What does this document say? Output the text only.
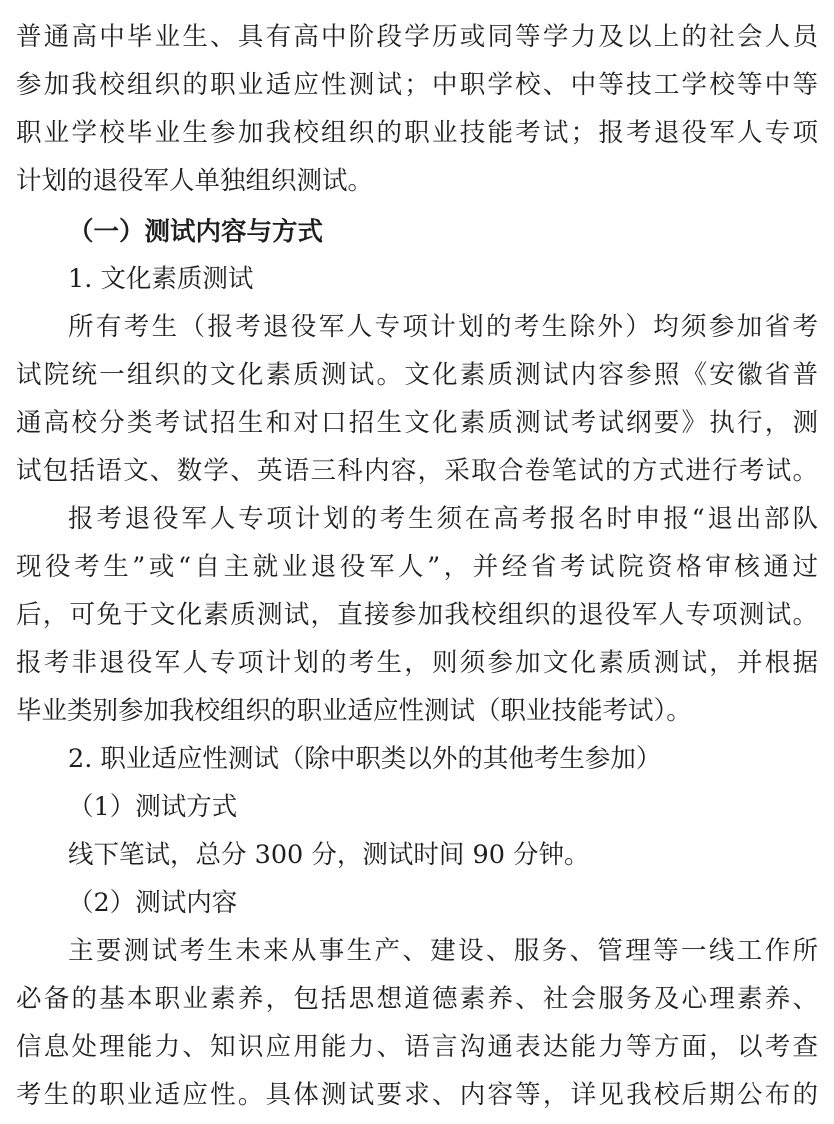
普通高中毕业生、具有高中阶段学历或同等学力及以上的社会人员
参加我校组织的职业适应性测试；中职学校、中等技工学校等中等
职业学校毕业生参加我校组织的职业技能考试；报考退役军人专项
计划的退役军人单独组织测试。
（一）测试内容与方式
1. 文化素质测试
所有考生（报考退役军人专项计划的考生除外）均须参加省考
试院统一组织的文化素质测试。文化素质测试内容参照《安徽省普
通高校分类考试招生和对口招生文化素质测试考试纲要》执行，测
试包括语文、数学、英语三科内容，采取合卷笔试的方式进行考试。
报考退役军人专项计划的考生须在高考报名时申报“退出部队
现役考生”或“自主就业退役军人”，并经省考试院资格审核通过
后，可免于文化素质测试，直接参加我校组织的退役军人专项测试。
报考非退役军人专项计划的考生，则须参加文化素质测试，并根据
毕业类别参加我校组织的职业适应性测试（职业技能考试）。
2. 职业适应性测试（除中职类以外的其他考生参加）
（1）测试方式
线下笔试，总分 300 分，测试时间 90 分钟。
（2）测试内容
主要测试考生未来从事生产、建设、服务、管理等一线工作所
必备的基本职业素养，包括思想道德素养、社会服务及心理素养、
信息处理能力、知识应用能力、语言沟通表达能力等方面，以考查
考生的职业适应性。具体测试要求、内容等，详见我校后期公布的
